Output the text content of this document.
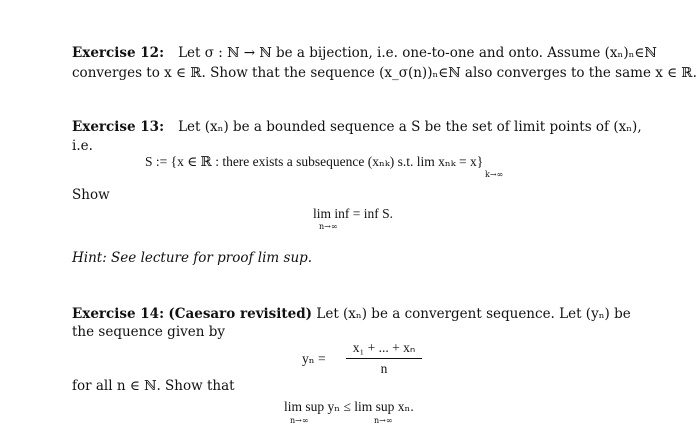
Exercise 12: Let σ : ℕ → ℕ be a bijection, i.e. one-to-one and onto. Assume (xₙ)ₙ∈ℕ
converges to x ∈ ℝ. Show that the sequence (x_σ(n))ₙ∈ℕ also converges to the same x ∈ ℝ.
Exercise 13: Let (xₙ) be a bounded sequence a S be the set of limit points of (xₙ),
i.e.
S := {x ∈ ℝ : there exists a subsequence (xₙₖ) s.t. lim xₙₖ = x}
k→∞
Show
lim inf = inf S.
n→∞
Hint: See lecture for proof lim sup.
Exercise 14: (Caesaro revisited) Let (xₙ) be a convergent sequence. Let (yₙ) be
the sequence given by
yₙ =
x₁ + ... + xₙ
n
for all n ∈ ℕ. Show that
lim sup yₙ ≤ lim sup xₙ.
n→∞	n→∞
